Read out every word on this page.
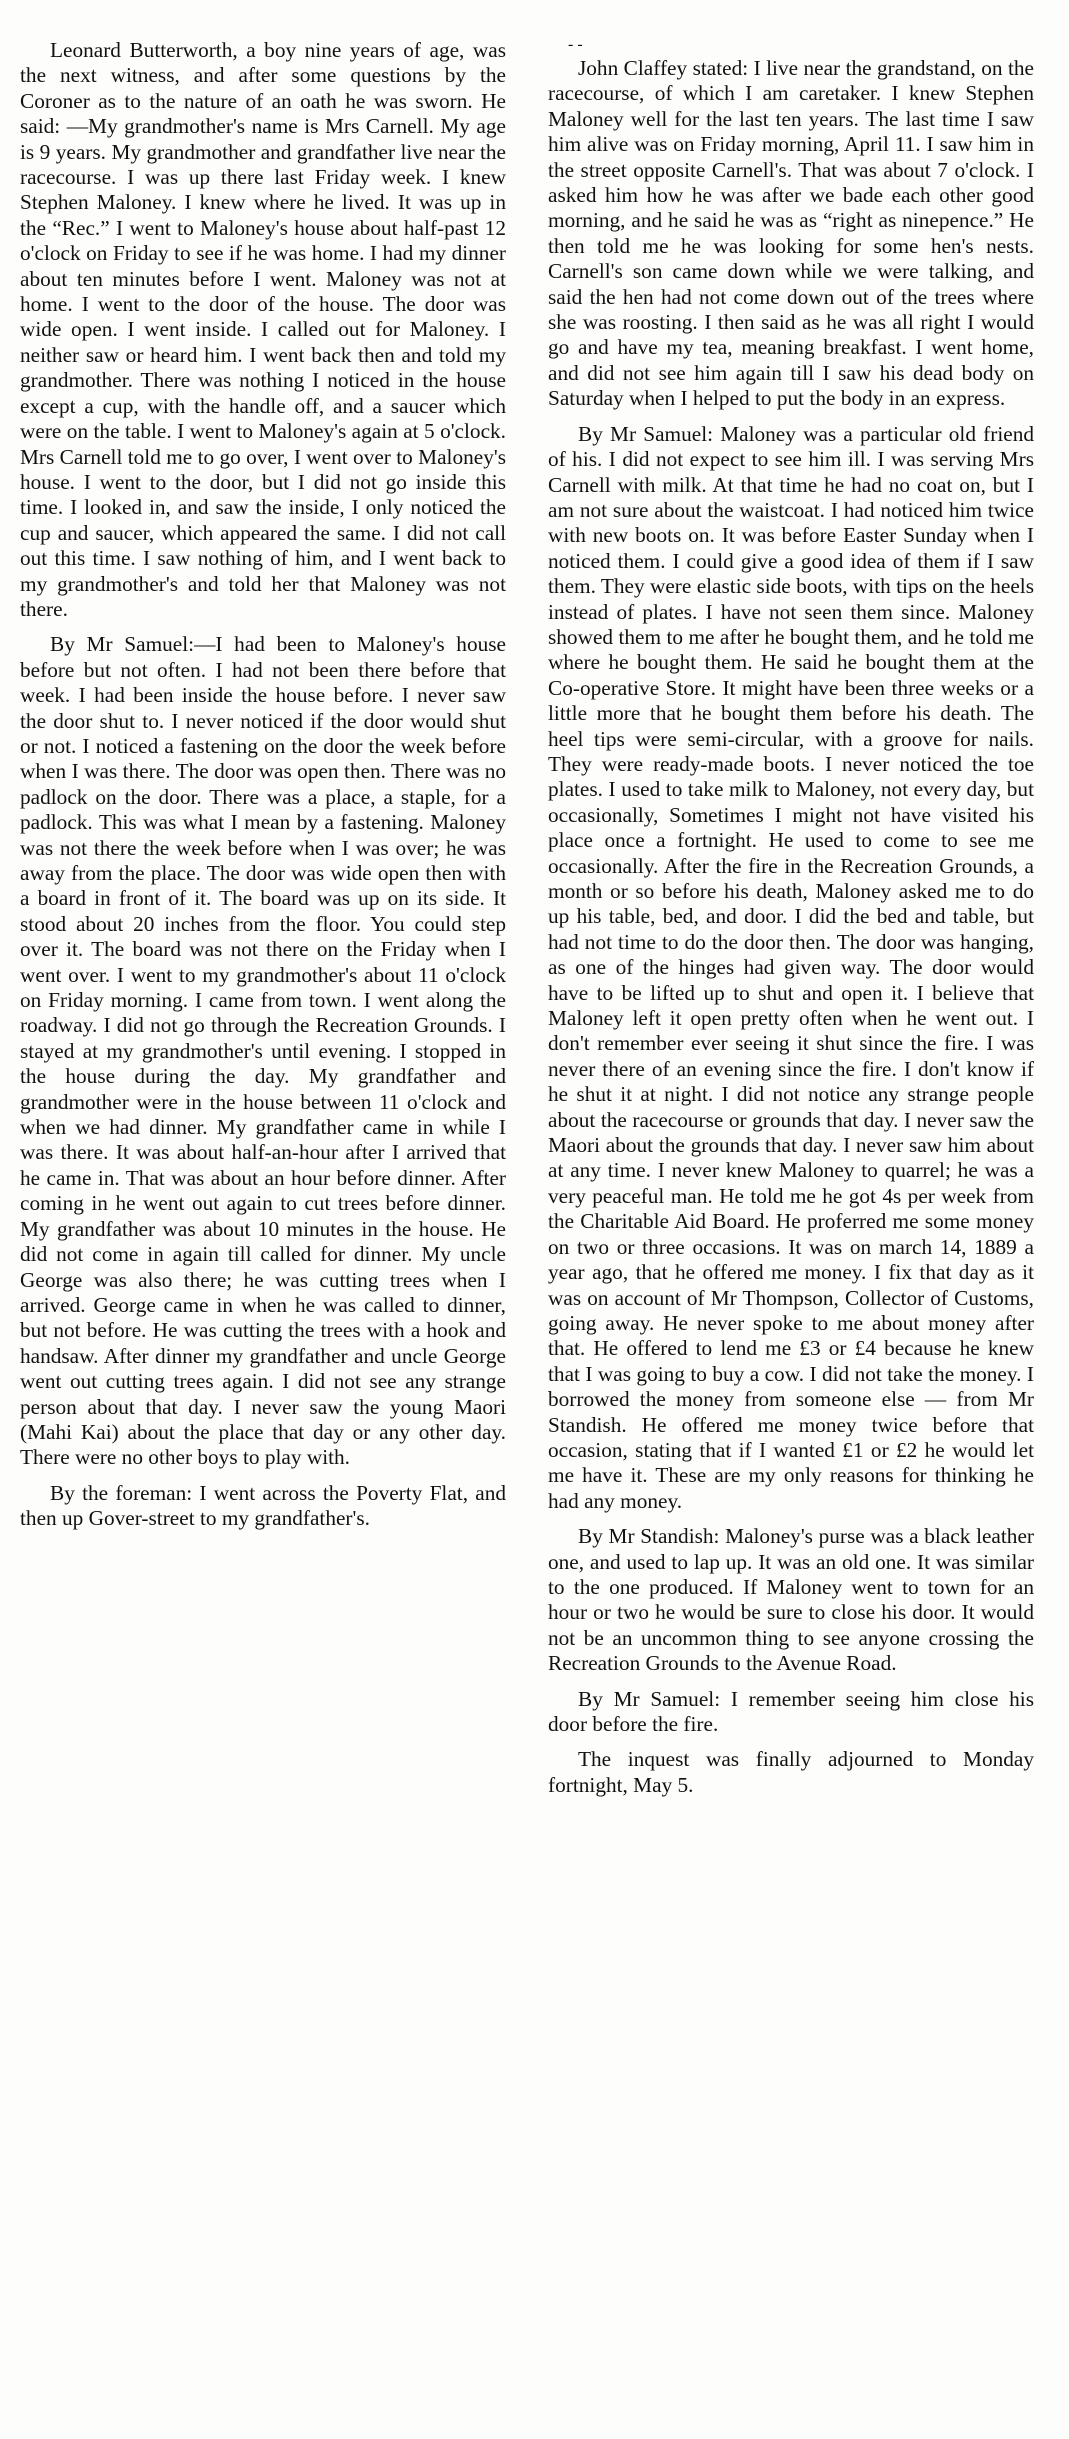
Leonard Butterworth, a boy nine years of age, was the next witness, and after some questions by the Coroner as to the nature of an oath he was sworn. He said: —My grandmother's name is Mrs Carnell. My age is 9 years. My grandmother and grandfather live near the racecourse. I was up there last Friday week. I knew Stephen Maloney. I knew where he lived. It was up in the “Rec.” I went to Maloney's house about half-past 12 o'clock on Friday to see if he was home. I had my dinner about ten minutes before I went. Maloney was not at home. I went to the door of the house. The door was wide open. I went inside. I called out for Maloney. I neither saw or heard him. I went back then and told my grandmother. There was nothing I noticed in the house except a cup, with the handle off, and a saucer which were on the table. I went to Maloney's again at 5 o'clock. Mrs Carnell told me to go over, I went over to Maloney's house. I went to the door, but I did not go inside this time. I looked in, and saw the inside, I only noticed the cup and saucer, which appeared the same. I did not call out this time. I saw nothing of him, and I went back to my grandmother's and told her that Maloney was not there.

By Mr Samuel:—I had been to Maloney's house before but not often. I had not been there before that week. I had been inside the house before. I never saw the door shut to. I never noticed if the door would shut or not. I noticed a fastening on the door the week before when I was there. The door was open then. There was no padlock on the door. There was a place, a staple, for a padlock. This was what I mean by a fastening. Maloney was not there the week before when I was over; he was away from the place. The door was wide open then with a board in front of it. The board was up on its side. It stood about 20 inches from the floor. You could step over it. The board was not there on the Friday when I went over. I went to my grandmother's about 11 o'clock on Friday morning. I came from town. I went along the roadway. I did not go through the Recreation Grounds. I stayed at my grandmother's until evening. I stopped in the house during the day. My grandfather and grandmother were in the house between 11 o'clock and when we had dinner. My grandfather came in while I was there. It was about half-an-hour after I arrived that he came in. That was about an hour before dinner. After coming in he went out again to cut trees before dinner. My grandfather was about 10 minutes in the house. He did not come in again till called for dinner. My uncle George was also there; he was cutting trees when I arrived. George came in when he was called to dinner, but not before. He was cutting the trees with a hook and handsaw. After dinner my grandfather and uncle George went out cutting trees again. I did not see any strange person about that day. I never saw the young Maori (Mahi Kai) about the place that day or any other day. There were no other boys to play with.

By the foreman: I went across the Poverty Flat, and then up Gover-street to my grandfather's.

- -

John Claffey stated: I live near the grandstand, on the racecourse, of which I am caretaker. I knew Stephen Maloney well for the last ten years. The last time I saw him alive was on Friday morning, April 11. I saw him in the street opposite Carnell's. That was about 7 o'clock. I asked him how he was after we bade each other good morning, and he said he was as “right as ninepence.” He then told me he was looking for some hen's nests. Carnell's son came down while we were talking, and said the hen had not come down out of the trees where she was roosting. I then said as he was all right I would go and have my tea, meaning breakfast. I went home, and did not see him again till I saw his dead body on Saturday when I helped to put the body in an express.

By Mr Samuel: Maloney was a particular old friend of his. I did not expect to see him ill. I was serving Mrs Carnell with milk. At that time he had no coat on, but I am not sure about the waistcoat. I had noticed him twice with new boots on. It was before Easter Sunday when I noticed them. I could give a good idea of them if I saw them. They were elastic side boots, with tips on the heels instead of plates. I have not seen them since. Maloney showed them to me after he bought them, and he told me where he bought them. He said he bought them at the Co-operative Store. It might have been three weeks or a little more that he bought them before his death. The heel tips were semi-circular, with a groove for nails. They were ready-made boots. I never noticed the toe plates. I used to take milk to Maloney, not every day, but occasionally, Sometimes I might not have visited his place once a fortnight. He used to come to see me occasionally. After the fire in the Recreation Grounds, a month or so before his death, Maloney asked me to do up his table, bed, and door. I did the bed and table, but had not time to do the door then. The door was hanging, as one of the hinges had given way. The door would have to be lifted up to shut and open it. I believe that Maloney left it open pretty often when he went out. I don't remember ever seeing it shut since the fire. I was never there of an evening since the fire. I don't know if he shut it at night. I did not notice any strange people about the racecourse or grounds that day. I never saw the Maori about the grounds that day. I never saw him about at any time. I never knew Maloney to quarrel; he was a very peaceful man. He told me he got 4s per week from the Charitable Aid Board. He proferred me some money on two or three occasions. It was on march 14, 1889 a year ago, that he offered me money. I fix that day as it was on account of Mr Thompson, Collector of Customs, going away. He never spoke to me about money after that. He offered to lend me £3 or £4 because he knew that I was going to buy a cow. I did not take the money. I borrowed the money from someone else — from Mr Standish. He offered me money twice before that occasion, stating that if I wanted £1 or £2 he would let me have it. These are my only reasons for thinking he had any money.

By Mr Standish: Maloney's purse was a black leather one, and used to lap up. It was an old one. It was similar to the one produced. If Maloney went to town for an hour or two he would be sure to close his door. It would not be an uncommon thing to see anyone crossing the Recreation Grounds to the Avenue Road.

By Mr Samuel: I remember seeing him close his door before the fire.

The inquest was finally adjourned to Monday fortnight, May 5.
